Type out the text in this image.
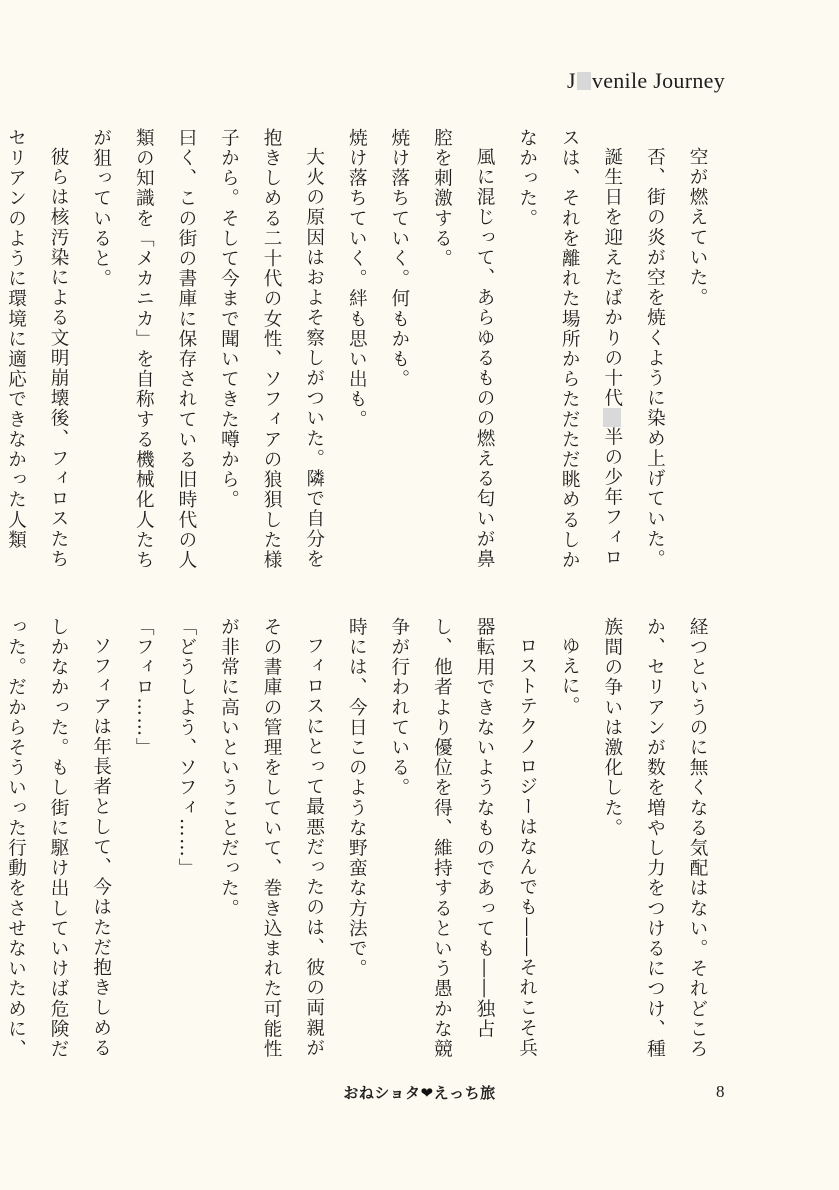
J venile Journey

空が燃えていた。

否、街の炎が空を焼くように染め上げていた。

誕生日を迎えたばかりの十代半の少年フィロスは、それを離れた場所からただただ眺めるしかなかった。

風に混じって、あらゆるものの燃える匂いが鼻腔を刺激する。

焼け落ちていく。何もかも。

焼け落ちていく。絆も思い出も。

大火の原因はおよそ察しがついた。隣で自分を抱きしめる二十代の女性、ソフィアの狼狽した様子から。そして今まで聞いてきた噂から。

曰く、この街の書庫に保存されている旧時代の人類の知識を「メカニカ」を自称する機械化人たちが狙っていると。

彼らは核汚染による文明崩壊後、フィロスたちセリアンのように環境に適応できなかった人類

経つというのに無くなる気配はない。それどころか、セリアンが数を増やし力をつけるにつけ、種族間の争いは激化した。

ゆえに。

ロストテクノロジーはなんでも――それこそ兵器転用できないようなものであっても――独占し、他者より優位を得、維持するという愚かな競争が行われている。

時には、今日このような野蛮な方法で。

フィロスにとって最悪だったのは、彼の両親がその書庫の管理をしていて、巻き込まれた可能性が非常に高いということだった。

「どうしよう、ソフィ……」

「フィロ……」

ソフィアは年長者として、今はただ抱きしめるしかなかった。もし街に駆け出していけば危険だった。だからそういった行動をさせないために、

おねショタ❤えっち旅	8
